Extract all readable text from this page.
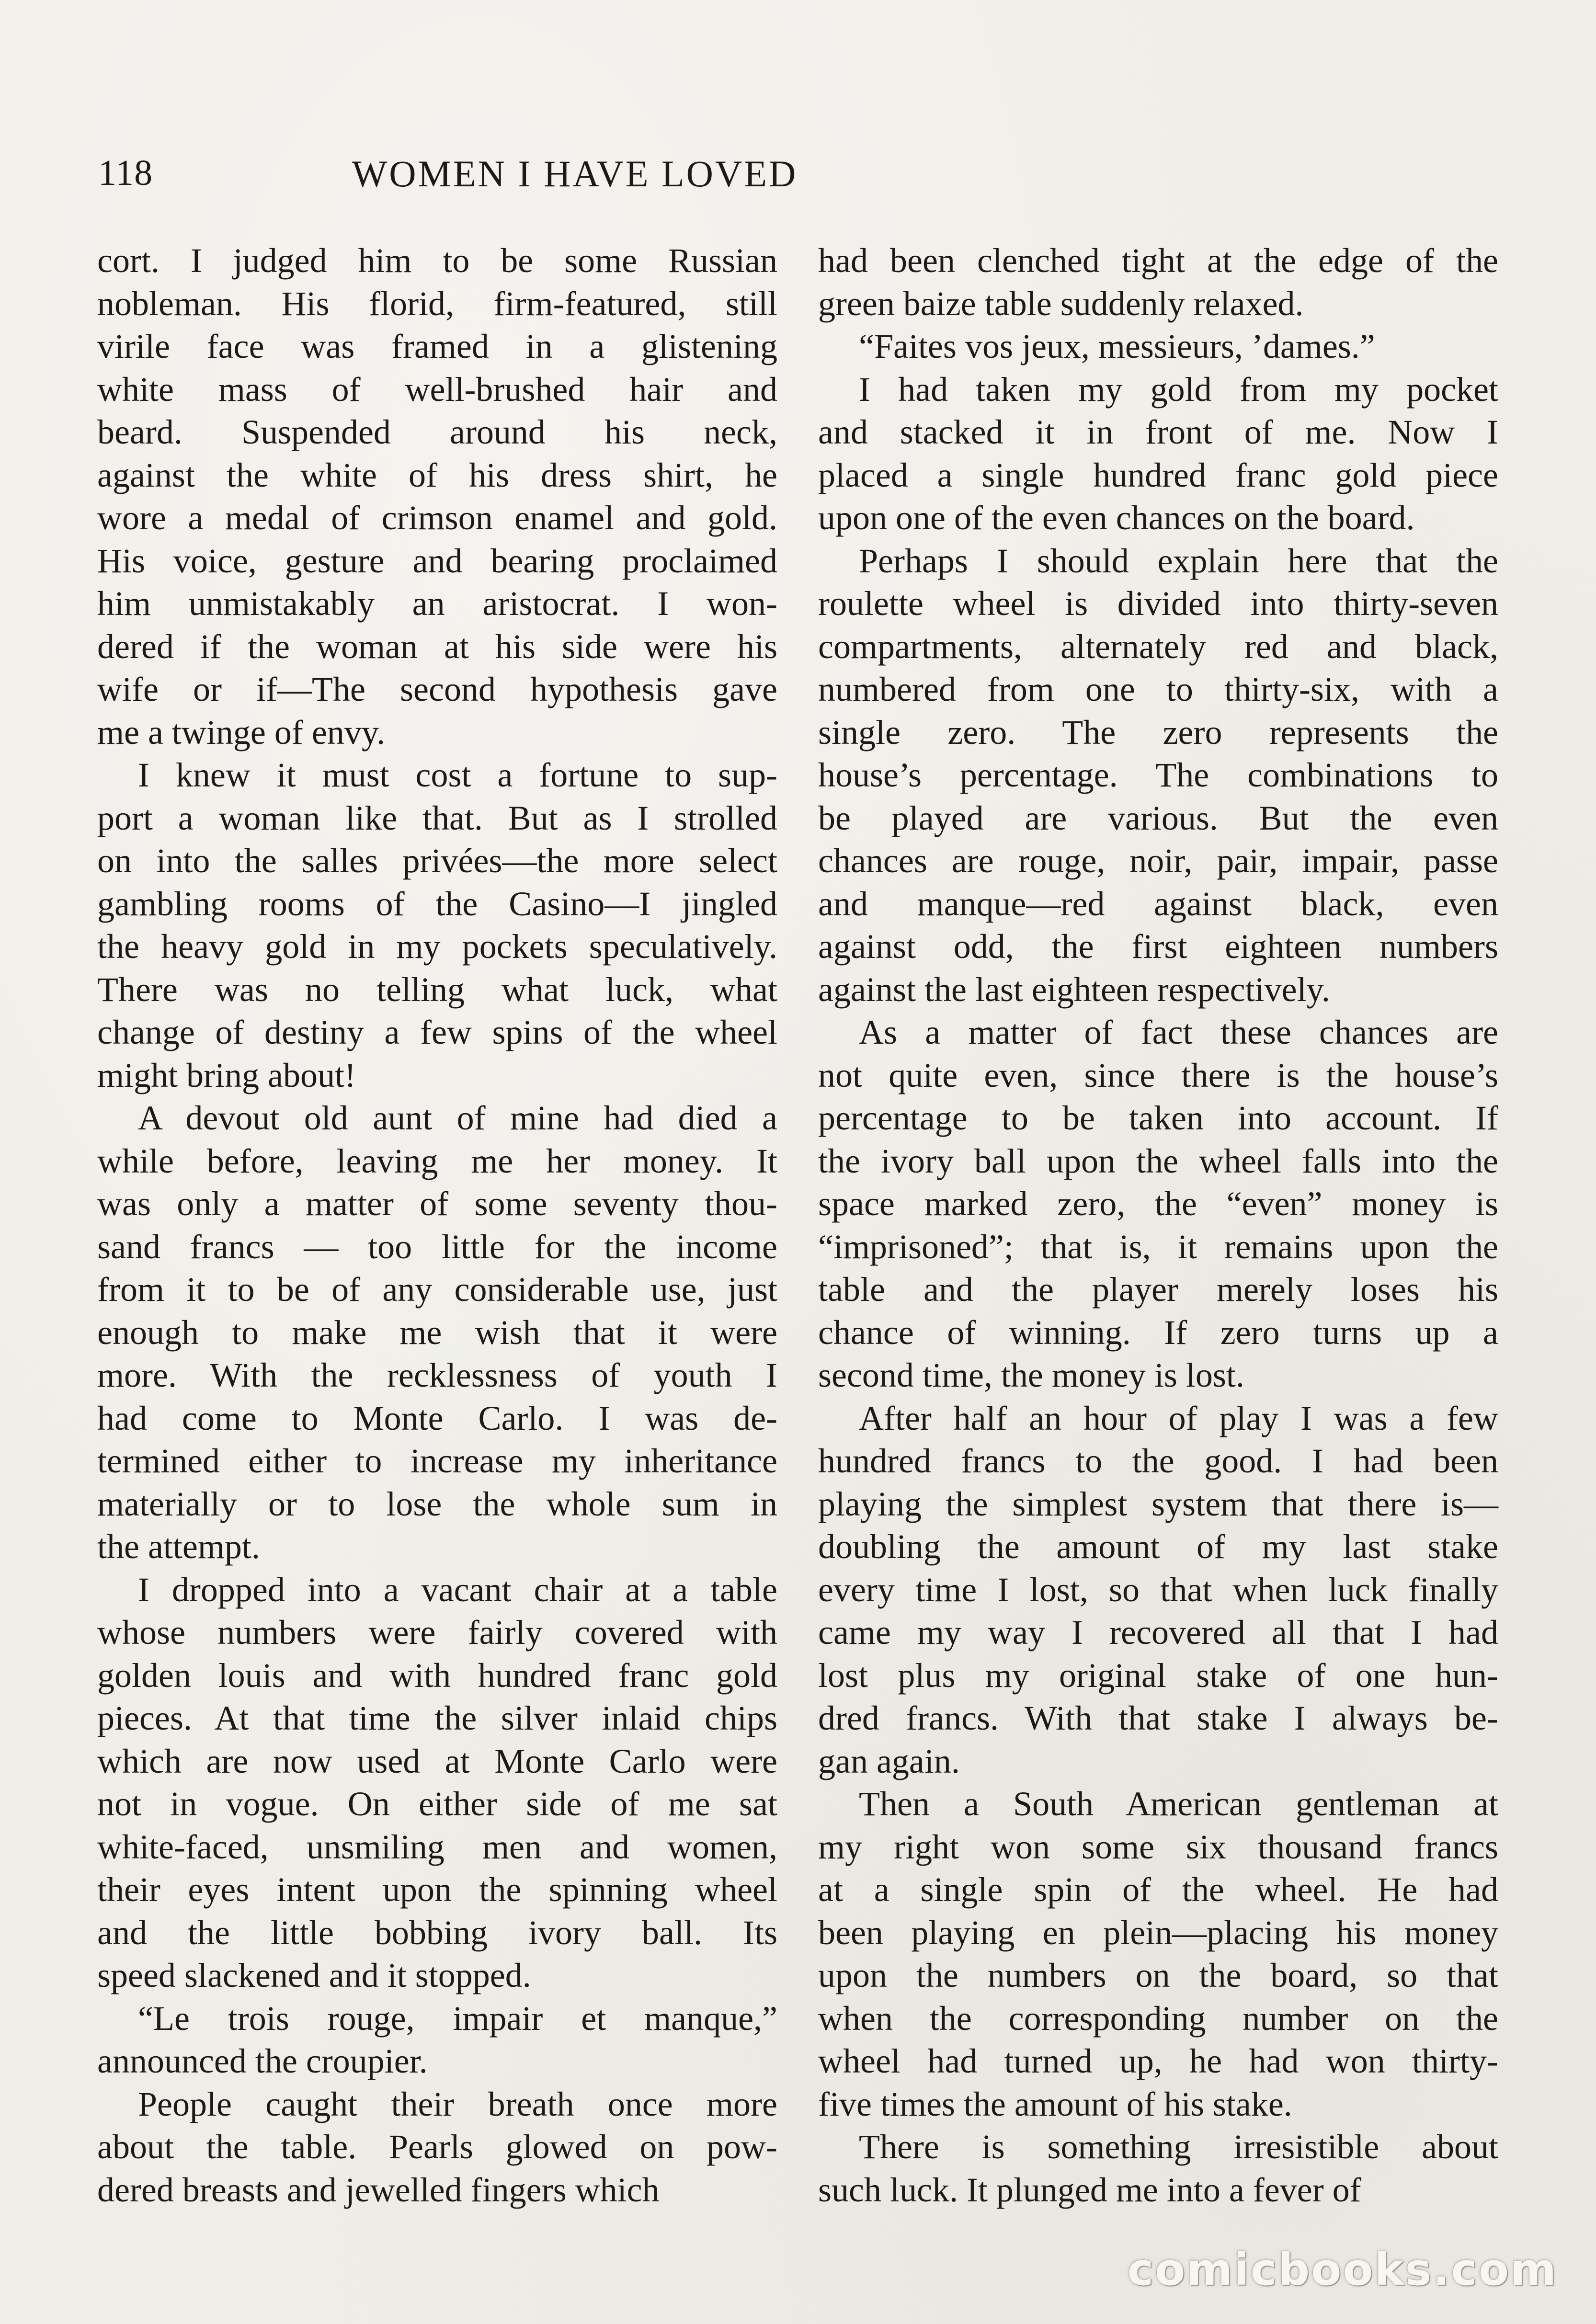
118	WOMEN I HAVE LOVED

cort. I judged him to be some Russian
nobleman. His florid, firm-featured, still
virile face was framed in a glistening
white mass of well-brushed hair and
beard. Suspended around his neck,
against the white of his dress shirt, he
wore a medal of crimson enamel and gold.
His voice, gesture and bearing proclaimed
him unmistakably an aristocrat. I won-
dered if the woman at his side were his
wife or if—The second hypothesis gave
me a twinge of envy.

I knew it must cost a fortune to sup-
port a woman like that. But as I strolled
on into the salles privées—the more select
gambling rooms of the Casino—I jingled
the heavy gold in my pockets speculatively.
There was no telling what luck, what
change of destiny a few spins of the wheel
might bring about!

A devout old aunt of mine had died a
while before, leaving me her money. It
was only a matter of some seventy thou-
sand francs — too little for the income
from it to be of any considerable use, just
enough to make me wish that it were
more. With the recklessness of youth I
had come to Monte Carlo. I was de-
termined either to increase my inheritance
materially or to lose the whole sum in
the attempt.

I dropped into a vacant chair at a table
whose numbers were fairly covered with
golden louis and with hundred franc gold
pieces. At that time the silver inlaid chips
which are now used at Monte Carlo were
not in vogue. On either side of me sat
white-faced, unsmiling men and women,
their eyes intent upon the spinning wheel
and the little bobbing ivory ball. Its
speed slackened and it stopped.

“Le trois rouge, impair et manque,”
announced the croupier.

People caught their breath once more
about the table. Pearls glowed on pow-
dered breasts and jewelled fingers which

had been clenched tight at the edge of the
green baize table suddenly relaxed.

“Faites vos jeux, messieurs, ’dames.”

I had taken my gold from my pocket
and stacked it in front of me. Now I
placed a single hundred franc gold piece
upon one of the even chances on the board.

Perhaps I should explain here that the
roulette wheel is divided into thirty-seven
compartments, alternately red and black,
numbered from one to thirty-six, with a
single zero. The zero represents the
house’s percentage. The combinations to
be played are various. But the even
chances are rouge, noir, pair, impair, passe
and manque—red against black, even
against odd, the first eighteen numbers
against the last eighteen respectively.

As a matter of fact these chances are
not quite even, since there is the house’s
percentage to be taken into account. If
the ivory ball upon the wheel falls into the
space marked zero, the “even” money is
“imprisoned”; that is, it remains upon the
table and the player merely loses his
chance of winning. If zero turns up a
second time, the money is lost.

After half an hour of play I was a few
hundred francs to the good. I had been
playing the simplest system that there is—
doubling the amount of my last stake
every time I lost, so that when luck finally
came my way I recovered all that I had
lost plus my original stake of one hun-
dred francs. With that stake I always be-
gan again.

Then a South American gentleman at
my right won some six thousand francs
at a single spin of the wheel. He had
been playing en plein—placing his money
upon the numbers on the board, so that
when the corresponding number on the
wheel had turned up, he had won thirty-
five times the amount of his stake.

There is something irresistible about
such luck. It plunged me into a fever of

comicbooks.com
